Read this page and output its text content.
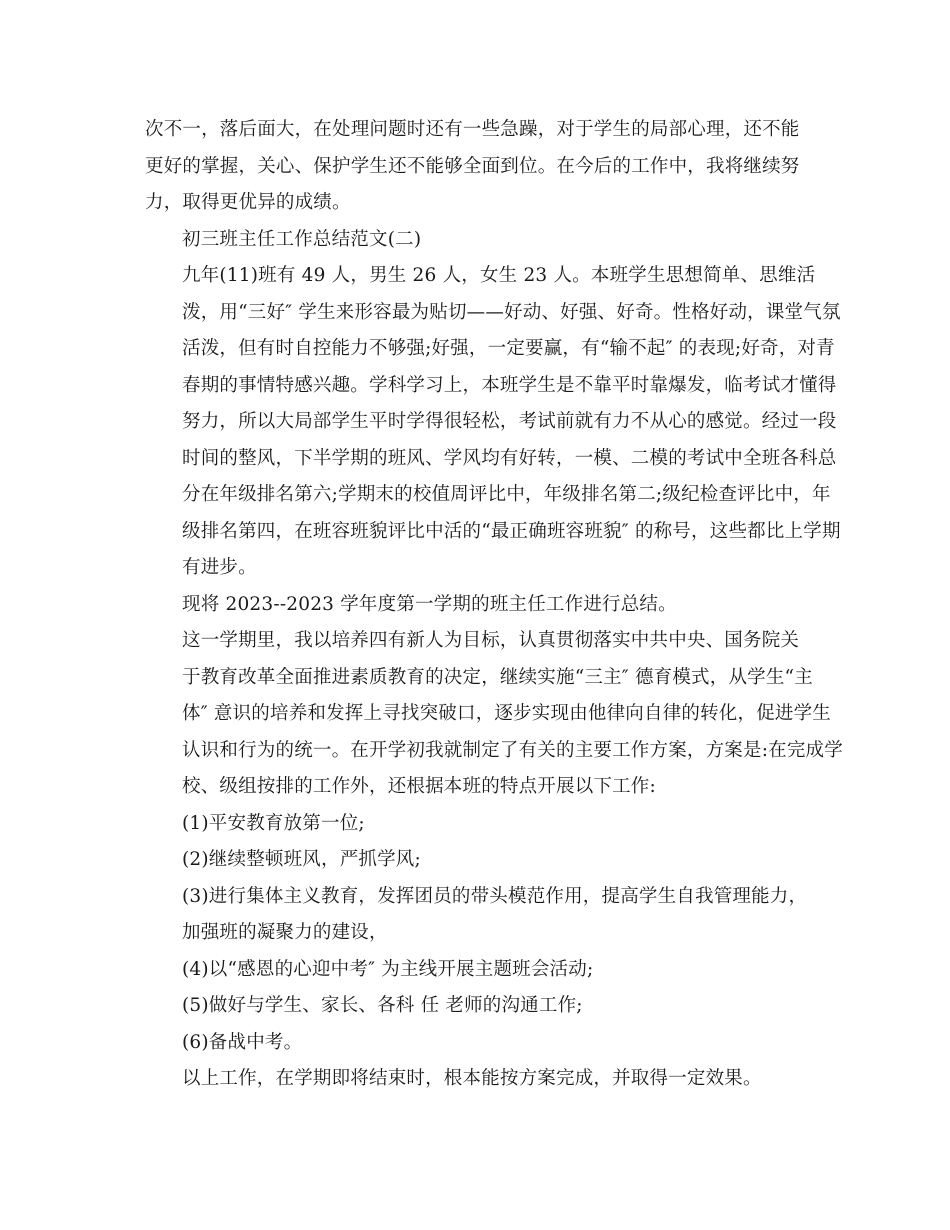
次不一，落后面大，在处理问题时还有一些急躁，对于学生的局部心理，还不能
更好的掌握，关心、保护学生还不能够全面到位。在今后的工作中，我将继续努
力，取得更优异的成绩。
初三班主任工作总结范文(二)
九年(11)班有 49 人，男生 26 人，女生 23 人。本班学生思想简单、思维活
泼，用“三好″ 学生来形容最为贴切——好动、好强、好奇。性格好动，课堂气氛
活泼，但有时自控能力不够强;好强，一定要赢，有“输不起″ 的表现;好奇，对青
春期的事情特感兴趣。学科学习上，本班学生是不靠平时靠爆发，临考试才懂得
努力，所以大局部学生平时学得很轻松，考试前就有力不从心的感觉。经过一段
时间的整风，下半学期的班风、学风均有好转，一模、二模的考试中全班各科总
分在年级排名第六;学期末的校值周评比中，年级排名第二;级纪检查评比中，年
级排名第四，在班容班貌评比中活的“最正确班容班貌″ 的称号，这些都比上学期
有进步。
现将 2023--2023 学年度第一学期的班主任工作进行总结。
这一学期里，我以培养四有新人为目标，认真贯彻落实中共中央、国务院关
于教育改革全面推进素质教育的决定，继续实施“三主″ 德育模式，从学生“主
体″ 意识的培养和发挥上寻找突破口，逐步实现由他律向自律的转化，促进学生
认识和行为的统一。在开学初我就制定了有关的主要工作方案，方案是:在完成学
校、级组按排的工作外，还根据本班的特点开展以下工作:
(1)平安教育放第一位;
(2)继续整顿班风，严抓学风;
(3)进行集体主义教育，发挥团员的带头模范作用，提高学生自我管理能力，
加强班的凝聚力的建设，
(4)以“感恩的心迎中考″ 为主线开展主题班会活动;
(5)做好与学生、家长、各科 任 老师的沟通工作;
(6)备战中考。
以上工作，在学期即将结束时，根本能按方案完成，并取得一定效果。
